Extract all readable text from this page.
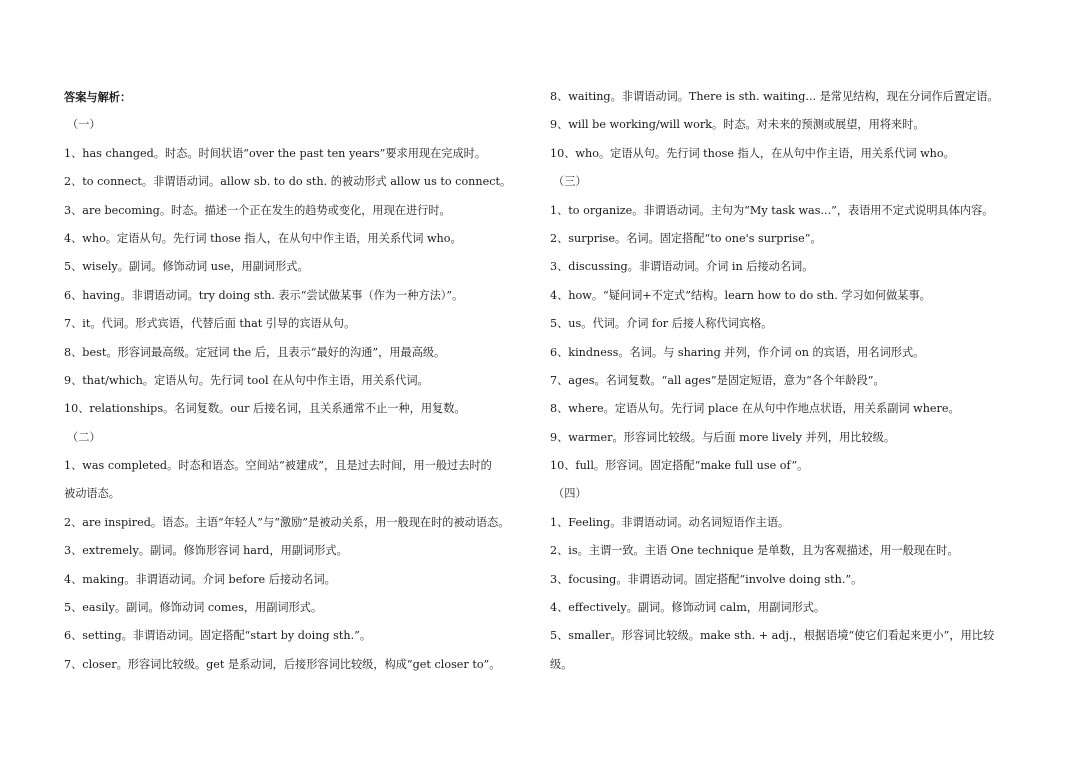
答案与解析：
（一）
1、has changed。时态。时间状语“over the past ten years”要求用现在完成时。
2、to connect。非谓语动词。allow sb. to do sth. 的被动形式 allow us to connect。
3、are becoming。时态。描述一个正在发生的趋势或变化，用现在进行时。
4、who。定语从句。先行词 those 指人，在从句中作主语，用关系代词 who。
5、wisely。副词。修饰动词 use，用副词形式。
6、having。非谓语动词。try doing sth. 表示“尝试做某事（作为一种方法）”。
7、it。代词。形式宾语，代替后面 that 引导的宾语从句。
8、best。形容词最高级。定冠词 the 后，且表示“最好的沟通”，用最高级。
9、that/which。定语从句。先行词 tool 在从句中作主语，用关系代词。
10、relationships。名词复数。our 后接名词，且关系通常不止一种，用复数。
（二）
1、was completed。时态和语态。空间站“被建成”，且是过去时间，用一般过去时的
被动语态。
2、are inspired。语态。主语“年轻人”与“激励”是被动关系，用一般现在时的被动语态。
3、extremely。副词。修饰形容词 hard，用副词形式。
4、making。非谓语动词。介词 before 后接动名词。
5、easily。副词。修饰动词 comes，用副词形式。
6、setting。非谓语动词。固定搭配“start by doing sth.”。
7、closer。形容词比较级。get 是系动词，后接形容词比较级，构成“get closer to”。
8、waiting。非谓语动词。There is sth. waiting... 是常见结构，现在分词作后置定语。
9、will be working/will work。时态。对未来的预测或展望，用将来时。
10、who。定语从句。先行词 those 指人，在从句中作主语，用关系代词 who。
（三）
1、to organize。非谓语动词。主句为“My task was...”，表语用不定式说明具体内容。
2、surprise。名词。固定搭配“to one's surprise”。
3、discussing。非谓语动词。介词 in 后接动名词。
4、how。“疑问词+不定式”结构。learn how to do sth. 学习如何做某事。
5、us。代词。介词 for 后接人称代词宾格。
6、kindness。名词。与 sharing 并列，作介词 on 的宾语，用名词形式。
7、ages。名词复数。“all ages”是固定短语，意为“各个年龄段”。
8、where。定语从句。先行词 place 在从句中作地点状语，用关系副词 where。
9、warmer。形容词比较级。与后面 more lively 并列，用比较级。
10、full。形容词。固定搭配“make full use of”。
（四）
1、Feeling。非谓语动词。动名词短语作主语。
2、is。主谓一致。主语 One technique 是单数，且为客观描述，用一般现在时。
3、focusing。非谓语动词。固定搭配“involve doing sth.”。
4、effectively。副词。修饰动词 calm，用副词形式。
5、smaller。形容词比较级。make sth. + adj.，根据语境“使它们看起来更小”，用比较
级。
